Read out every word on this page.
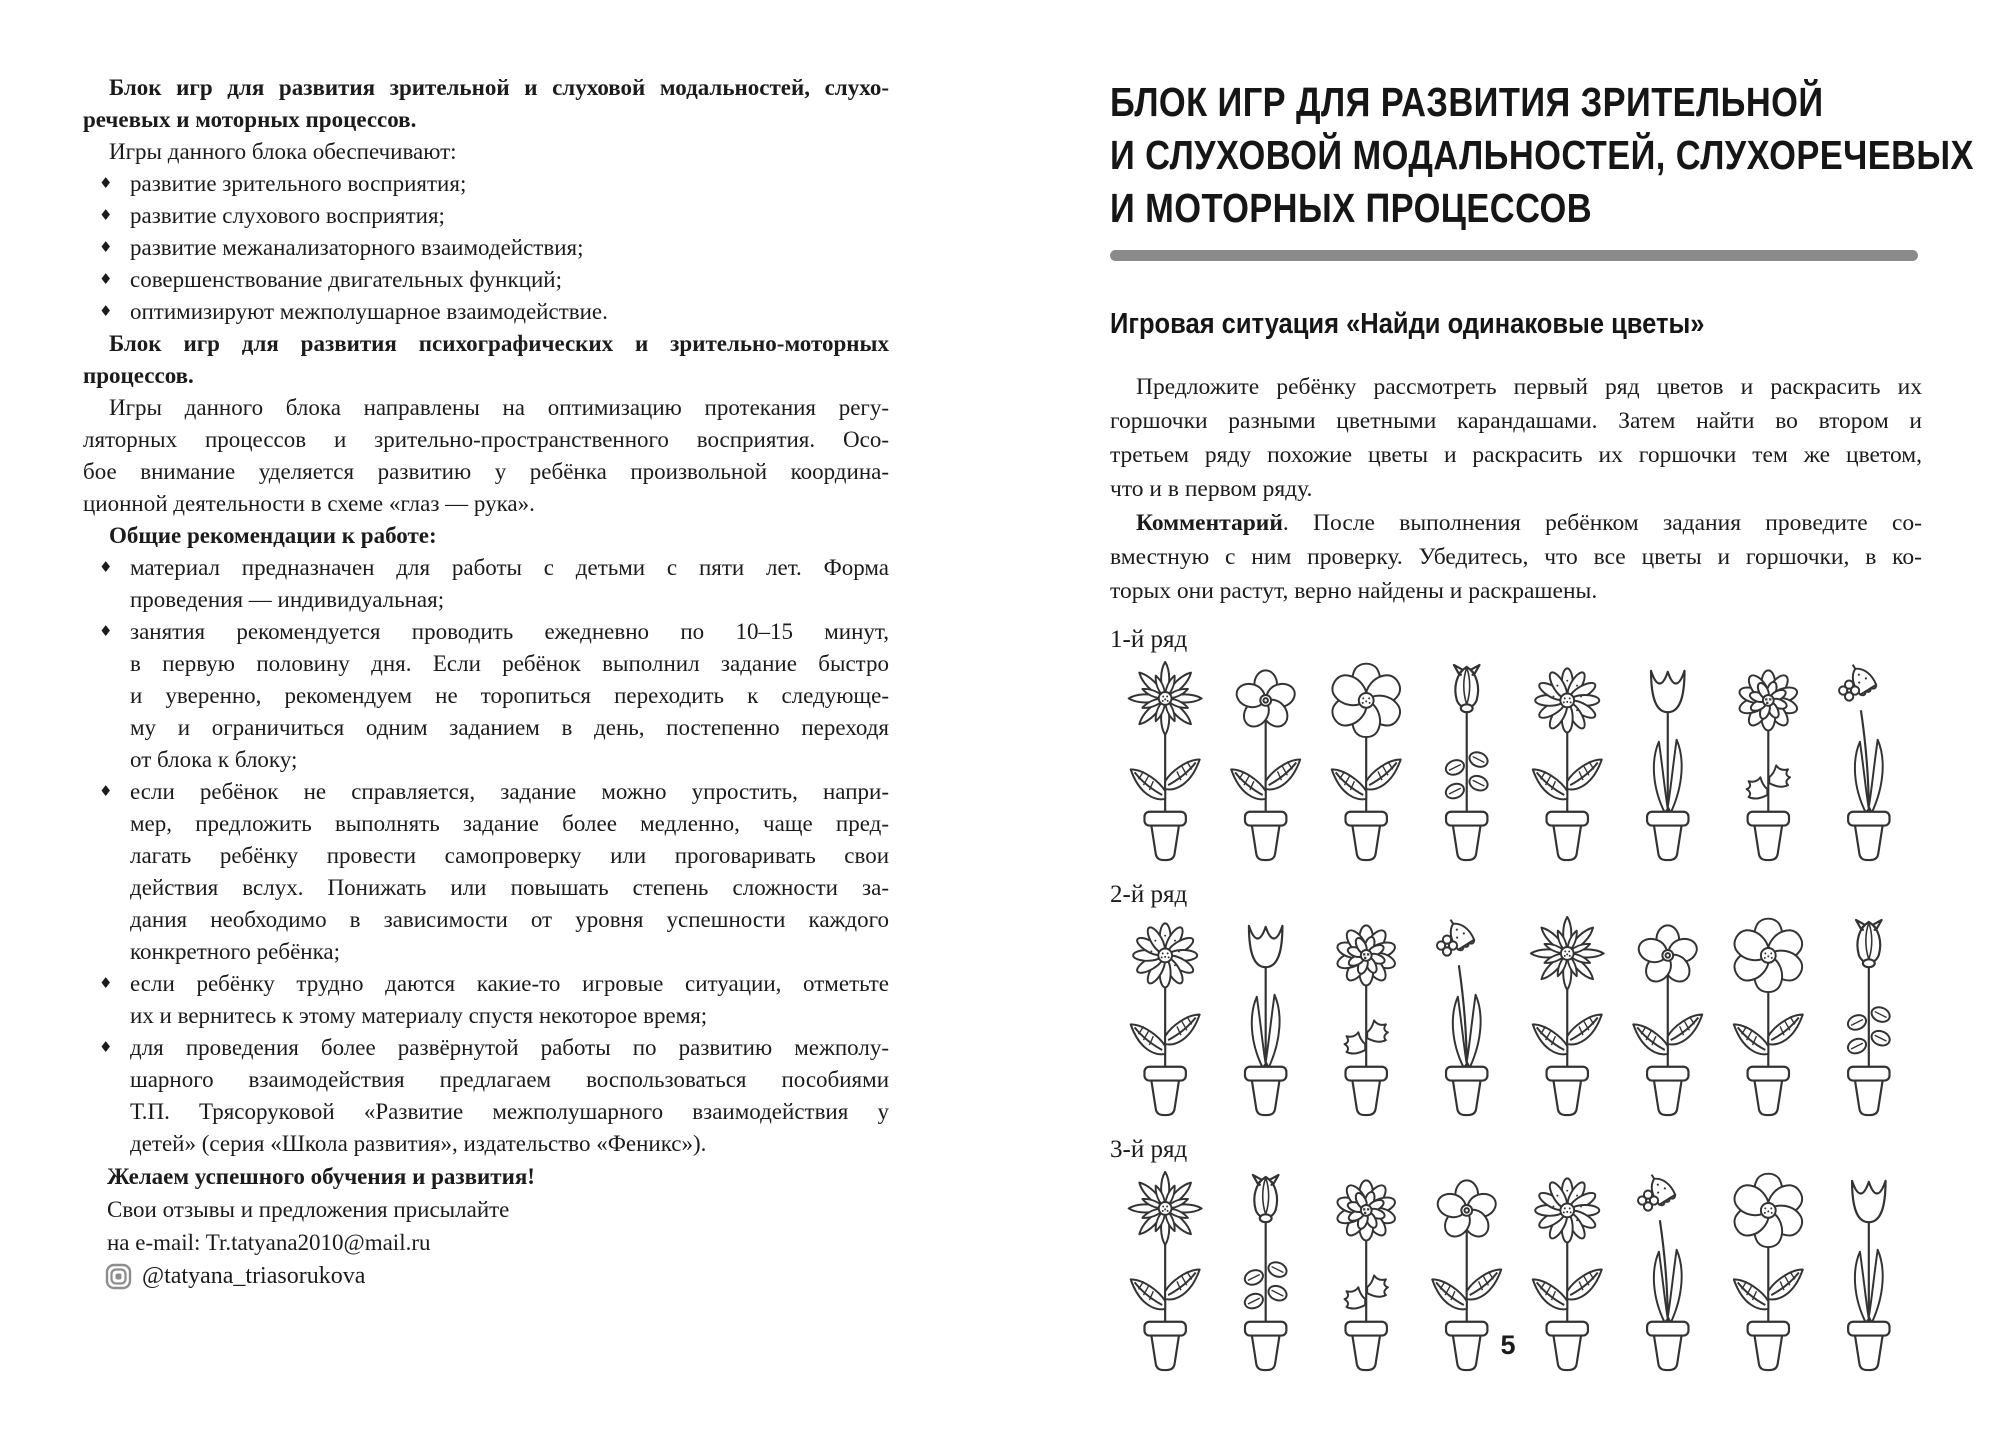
Блок игр для развития зрительной и слуховой модальностей, слухо-
речевых и моторных процессов.
Игры данного блока обеспечивают:
♦ развитие зрительного восприятия;
♦ развитие слухового восприятия;
♦ развитие межанализаторного взаимодействия;
♦ совершенствование двигательных функций;
♦ оптимизируют межполушарное взаимодействие.
Блок игр для развития психографических и зрительно-моторных
процессов.
Игры данного блока направлены на оптимизацию протекания регу-
ляторных процессов и зрительно-пространственного восприятия. Осо-
бое внимание уделяется развитию у ребёнка произвольной координа-
ционной деятельности в схеме «глаз — рука».
Общие рекомендации к работе:
♦ материал предназначен для работы с детьми с пяти лет. Форма
проведения — индивидуальная;
♦ занятия рекомендуется проводить ежедневно по 10–15 минут,
в первую половину дня. Если ребёнок выполнил задание быстро
и уверенно, рекомендуем не торопиться переходить к следующе-
му и ограничиться одним заданием в день, постепенно переходя
от блока к блоку;
♦ если ребёнок не справляется, задание можно упростить, напри-
мер, предложить выполнять задание более медленно, чаще пред-
лагать ребёнку провести самопроверку или проговаривать свои
действия вслух. Понижать или повышать степень сложности за-
дания необходимо в зависимости от уровня успешности каждого
конкретного ребёнка;
♦ если ребёнку трудно даются какие-то игровые ситуации, отметьте
их и вернитесь к этому материалу спустя некоторое время;
♦ для проведения более развёрнутой работы по развитию межполу-
шарного взаимодействия предлагаем воспользоваться пособиями
Т.П. Трясоруковой «Развитие межполушарного взаимодействия у
детей» (серия «Школа развития», издательство «Феникс»).
Желаем успешного обучения и развития!
Свои отзывы и предложения присылайте
на e-mail: Tr.tatyana2010@mail.ru
@tatyana_triasorukova
БЛОК ИГР ДЛЯ РАЗВИТИЯ ЗРИТЕЛЬНОЙ
И СЛУХОВОЙ МОДАЛЬНОСТЕЙ, СЛУХОРЕЧЕВЫХ
И МОТОРНЫХ ПРОЦЕССОВ
Игровая ситуация «Найди одинаковые цветы»
Предложите ребёнку рассмотреть первый ряд цветов и раскрасить их
горшочки разными цветными карандашами. Затем найти во втором и
третьем ряду похожие цветы и раскрасить их горшочки тем же цветом,
что и в первом ряду.
Комментарий. После выполнения ребёнком задания проведите со-
вместную с ним проверку. Убедитесь, что все цветы и горшочки, в ко-
торых они растут, верно найдены и раскрашены.
1-й ряд
2-й ряд
3-й ряд
5
